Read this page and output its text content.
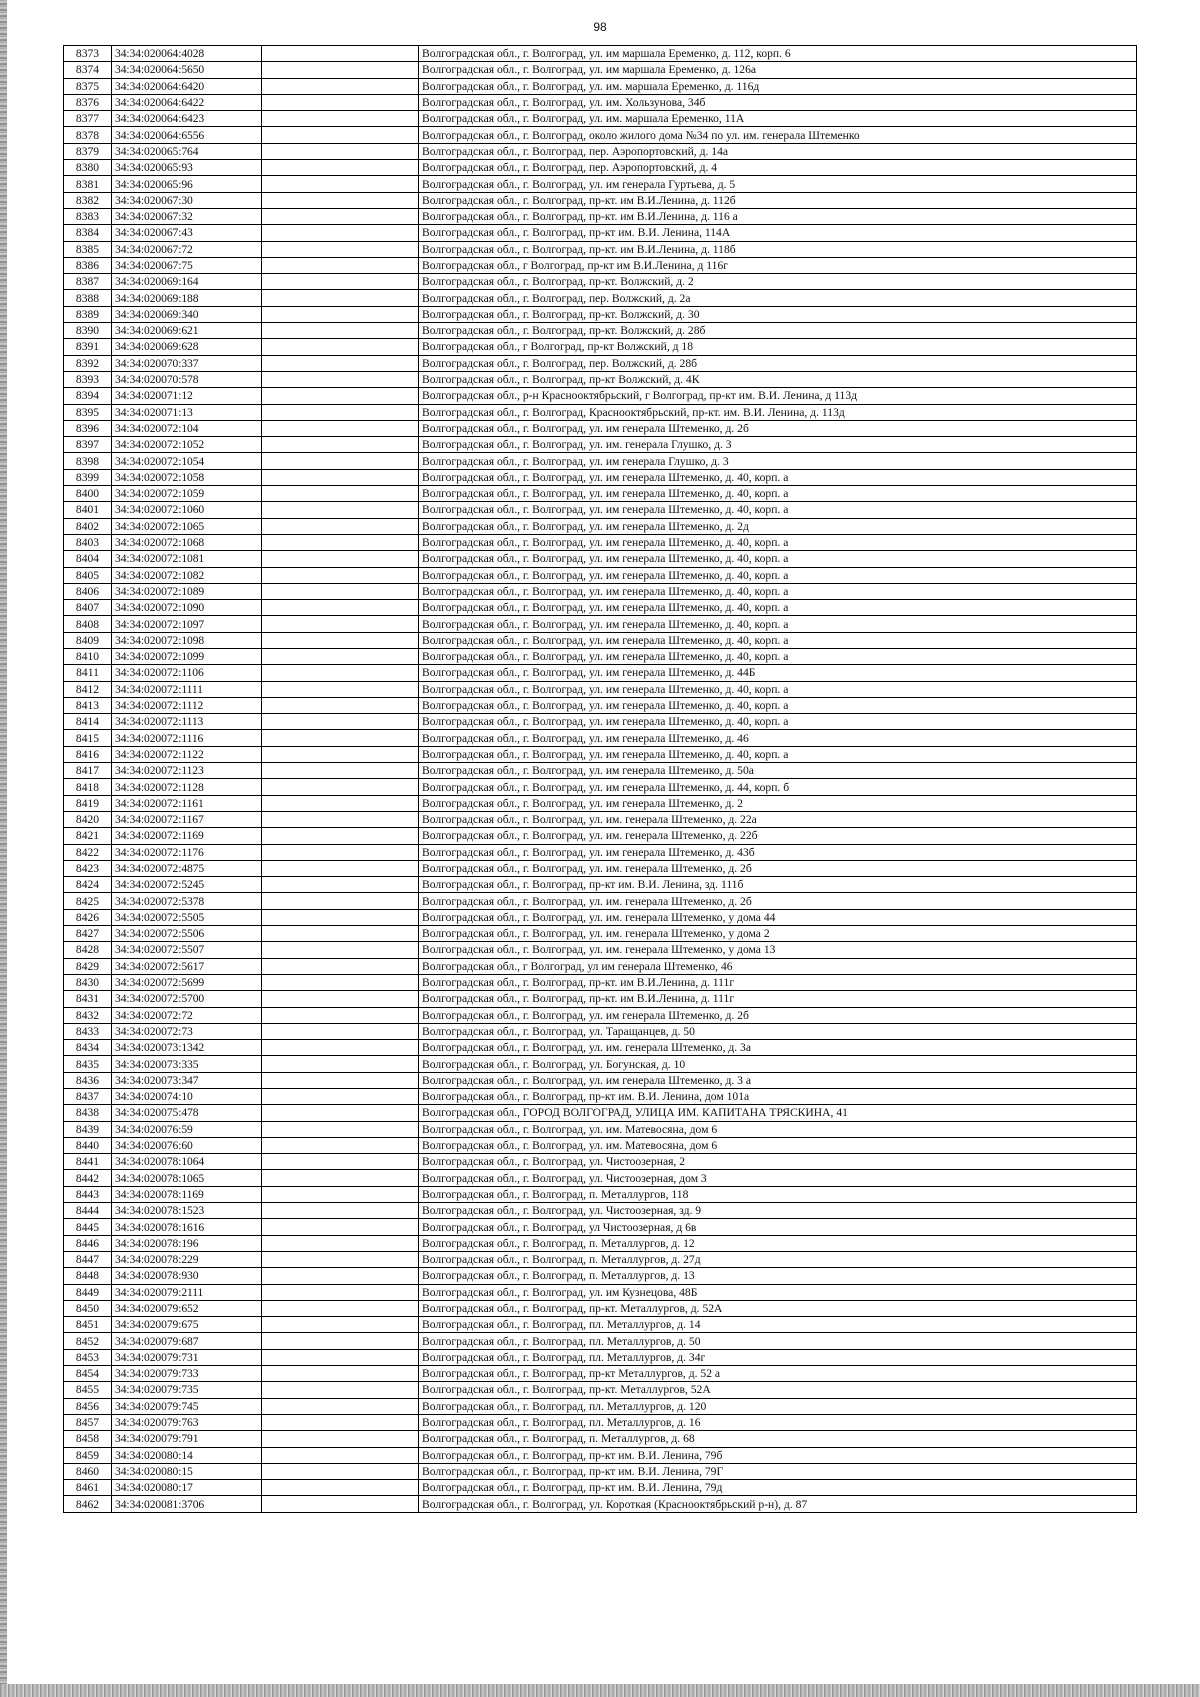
98
8373	34:34:020064:4028		Волгоградская обл., г. Волгоград, ул. им маршала Еременко, д. 112, корп. 6
8374	34:34:020064:5650		Волгоградская обл., г. Волгоград, ул. им маршала Еременко, д. 126а
8375	34:34:020064:6420		Волгоградская обл., г. Волгоград, ул. им. маршала Еременко, д. 116д
8376	34:34:020064:6422		Волгоградская обл., г. Волгоград, ул. им. Хользунова, 34б
8377	34:34:020064:6423		Волгоградская обл., г. Волгоград, ул. им. маршала Еременко, 11А
8378	34:34:020064:6556		Волгоградская обл., г. Волгоград, около жилого дома №34 по ул. им. генерала Штеменко
8379	34:34:020065:764		Волгоградская обл., г. Волгоград, пер. Аэропортовский, д. 14а
8380	34:34:020065:93		Волгоградская обл., г. Волгоград, пер. Аэропортовский, д. 4
8381	34:34:020065:96		Волгоградская обл., г. Волгоград, ул. им генерала Гуртьева, д. 5
8382	34:34:020067:30		Волгоградская обл., г. Волгоград, пр-кт. им В.И.Ленина, д. 112б
8383	34:34:020067:32		Волгоградская обл., г. Волгоград, пр-кт. им В.И.Ленина, д. 116 а
8384	34:34:020067:43		Волгоградская обл., г. Волгоград, пр-кт им. В.И. Ленина, 114А
8385	34:34:020067:72		Волгоградская обл., г. Волгоград, пр-кт. им В.И.Ленина, д. 118б
8386	34:34:020067:75		Волгоградская обл., г Волгоград, пр-кт им В.И.Ленина, д 116г
8387	34:34:020069:164		Волгоградская обл., г. Волгоград, пр-кт. Волжский, д. 2
8388	34:34:020069:188		Волгоградская обл., г. Волгоград, пер. Волжский, д. 2а
8389	34:34:020069:340		Волгоградская обл., г. Волгоград, пр-кт. Волжский, д. 30
8390	34:34:020069:621		Волгоградская обл., г. Волгоград, пр-кт. Волжский, д. 28б
8391	34:34:020069:628		Волгоградская обл., г Волгоград, пр-кт Волжский, д 18
8392	34:34:020070:337		Волгоградская обл., г. Волгоград, пер. Волжский, д. 28б
8393	34:34:020070:578		Волгоградская обл., г. Волгоград, пр-кт Волжский, д. 4К
8394	34:34:020071:12		Волгоградская обл., р-н Краснооктябрьский, г Волгоград, пр-кт им. В.И. Ленина, д 113д
8395	34:34:020071:13		Волгоградская обл., г. Волгоград, Краснооктябрьский, пр-кт. им. В.И. Ленина, д. 113д
8396	34:34:020072:104		Волгоградская обл., г. Волгоград, ул. им генерала Штеменко, д. 2б
8397	34:34:020072:1052		Волгоградская обл., г. Волгоград, ул. им. генерала Глушко, д. 3
8398	34:34:020072:1054		Волгоградская обл., г. Волгоград, ул. им генерала Глушко, д. 3
8399	34:34:020072:1058		Волгоградская обл., г. Волгоград, ул. им генерала Штеменко, д. 40, корп. а
8400	34:34:020072:1059		Волгоградская обл., г. Волгоград, ул. им генерала Штеменко, д. 40, корп. а
8401	34:34:020072:1060		Волгоградская обл., г. Волгоград, ул. им генерала Штеменко, д. 40, корп. а
8402	34:34:020072:1065		Волгоградская обл., г. Волгоград, ул. им генерала Штеменко, д. 2д
8403	34:34:020072:1068		Волгоградская обл., г. Волгоград, ул. им генерала Штеменко, д. 40, корп. а
8404	34:34:020072:1081		Волгоградская обл., г. Волгоград, ул. им генерала Штеменко, д. 40, корп. а
8405	34:34:020072:1082		Волгоградская обл., г. Волгоград, ул. им генерала Штеменко, д. 40, корп. а
8406	34:34:020072:1089		Волгоградская обл., г. Волгоград, ул. им генерала Штеменко, д. 40, корп. а
8407	34:34:020072:1090		Волгоградская обл., г. Волгоград, ул. им генерала Штеменко, д. 40, корп. а
8408	34:34:020072:1097		Волгоградская обл., г. Волгоград, ул. им генерала Штеменко, д. 40, корп. а
8409	34:34:020072:1098		Волгоградская обл., г. Волгоград, ул. им генерала Штеменко, д. 40, корп. а
8410	34:34:020072:1099		Волгоградская обл., г. Волгоград, ул. им генерала Штеменко, д. 40, корп. а
8411	34:34:020072:1106		Волгоградская обл., г. Волгоград, ул. им генерала Штеменко, д. 44Б
8412	34:34:020072:1111		Волгоградская обл., г. Волгоград, ул. им генерала Штеменко, д. 40, корп. а
8413	34:34:020072:1112		Волгоградская обл., г. Волгоград, ул. им генерала Штеменко, д. 40, корп. а
8414	34:34:020072:1113		Волгоградская обл., г. Волгоград, ул. им генерала Штеменко, д. 40, корп. а
8415	34:34:020072:1116		Волгоградская обл., г. Волгоград, ул. им генерала Штеменко, д. 46
8416	34:34:020072:1122		Волгоградская обл., г. Волгоград, ул. им генерала Штеменко, д. 40, корп. а
8417	34:34:020072:1123		Волгоградская обл., г. Волгоград, ул. им генерала Штеменко, д. 50а
8418	34:34:020072:1128		Волгоградская обл., г. Волгоград, ул. им генерала Штеменко, д. 44, корп. б
8419	34:34:020072:1161		Волгоградская обл., г. Волгоград, ул. им генерала Штеменко, д. 2
8420	34:34:020072:1167		Волгоградская обл., г. Волгоград, ул. им. генерала Штеменко, д. 22а
8421	34:34:020072:1169		Волгоградская обл., г. Волгоград, ул. им. генерала Штеменко, д. 22б
8422	34:34:020072:1176		Волгоградская обл., г. Волгоград, ул. им генерала Штеменко, д. 43б
8423	34:34:020072:4875		Волгоградская обл., г. Волгоград, ул. им. генерала Штеменко, д. 2б
8424	34:34:020072:5245		Волгоградская обл., г. Волгоград, пр-кт им. В.И. Ленина, зд. 111б
8425	34:34:020072:5378		Волгоградская обл., г. Волгоград, ул. им. генерала Штеменко, д. 2б
8426	34:34:020072:5505		Волгоградская обл., г. Волгоград, ул. им. генерала Штеменко, у дома 44
8427	34:34:020072:5506		Волгоградская обл., г. Волгоград, ул. им. генерала Штеменко, у дома 2
8428	34:34:020072:5507		Волгоградская обл., г. Волгоград, ул. им. генерала Штеменко, у дома 13
8429	34:34:020072:5617		Волгоградская обл., г Волгоград, ул им генерала Штеменко, 46
8430	34:34:020072:5699		Волгоградская обл., г. Волгоград, пр-кт. им В.И.Ленина, д. 111г
8431	34:34:020072:5700		Волгоградская обл., г. Волгоград, пр-кт. им В.И.Ленина, д. 111г
8432	34:34:020072:72		Волгоградская обл., г. Волгоград, ул. им генерала Штеменко, д. 2б
8433	34:34:020072:73		Волгоградская обл., г. Волгоград, ул. Таращанцев, д. 50
8434	34:34:020073:1342		Волгоградская обл., г. Волгоград, ул. им. генерала Штеменко, д. 3а
8435	34:34:020073:335		Волгоградская обл., г. Волгоград, ул. Богунская, д. 10
8436	34:34:020073:347		Волгоградская обл., г. Волгоград, ул. им генерала Штеменко, д. 3 а
8437	34:34:020074:10		Волгоградская обл., г. Волгоград, пр-кт им. В.И. Ленина, дом 101а
8438	34:34:020075:478		Волгоградская обл., ГОРОД ВОЛГОГРАД, УЛИЦА ИМ. КАПИТАНА ТРЯСКИНА, 41
8439	34:34:020076:59		Волгоградская обл., г. Волгоград, ул. им. Матевосяна, дом 6
8440	34:34:020076:60		Волгоградская обл., г. Волгоград, ул. им. Матевосяна, дом 6
8441	34:34:020078:1064		Волгоградская обл., г. Волгоград, ул. Чистоозерная, 2
8442	34:34:020078:1065		Волгоградская обл., г. Волгоград, ул. Чистоозерная, дом 3
8443	34:34:020078:1169		Волгоградская обл., г. Волгоград, п. Металлургов, 118
8444	34:34:020078:1523		Волгоградская обл., г. Волгоград, ул. Чистоозерная, зд. 9
8445	34:34:020078:1616		Волгоградская обл., г. Волгоград, ул Чистоозерная, д 6в
8446	34:34:020078:196		Волгоградская обл., г. Волгоград, п. Металлургов, д. 12
8447	34:34:020078:229		Волгоградская обл., г. Волгоград, п. Металлургов, д. 27д
8448	34:34:020078:930		Волгоградская обл., г. Волгоград, п. Металлургов, д. 13
8449	34:34:020079:2111		Волгоградская обл., г. Волгоград, ул. им Кузнецова, 48Б
8450	34:34:020079:652		Волгоградская обл., г. Волгоград, пр-кт. Металлургов, д. 52А
8451	34:34:020079:675		Волгоградская обл., г. Волгоград, пл. Металлургов, д. 14
8452	34:34:020079:687		Волгоградская обл., г. Волгоград, пл. Металлургов, д. 50
8453	34:34:020079:731		Волгоградская обл., г. Волгоград, пл. Металлургов, д. 34г
8454	34:34:020079:733		Волгоградская обл., г. Волгоград, пр-кт Металлургов, д. 52 а
8455	34:34:020079:735		Волгоградская обл., г. Волгоград, пр-кт. Металлургов, 52А
8456	34:34:020079:745		Волгоградская обл., г. Волгоград, пл. Металлургов, д. 120
8457	34:34:020079:763		Волгоградская обл., г. Волгоград, пл. Металлургов, д. 16
8458	34:34:020079:791		Волгоградская обл., г. Волгоград, п. Металлургов, д. 68
8459	34:34:020080:14		Волгоградская обл., г. Волгоград, пр-кт им. В.И. Ленина, 79б
8460	34:34:020080:15		Волгоградская обл., г. Волгоград, пр-кт им. В.И. Ленина, 79Г
8461	34:34:020080:17		Волгоградская обл., г. Волгоград, пр-кт им. В.И. Ленина, 79д
8462	34:34:020081:3706		Волгоградская обл., г. Волгоград, ул. Короткая (Краснооктябрьский р-н), д. 87
